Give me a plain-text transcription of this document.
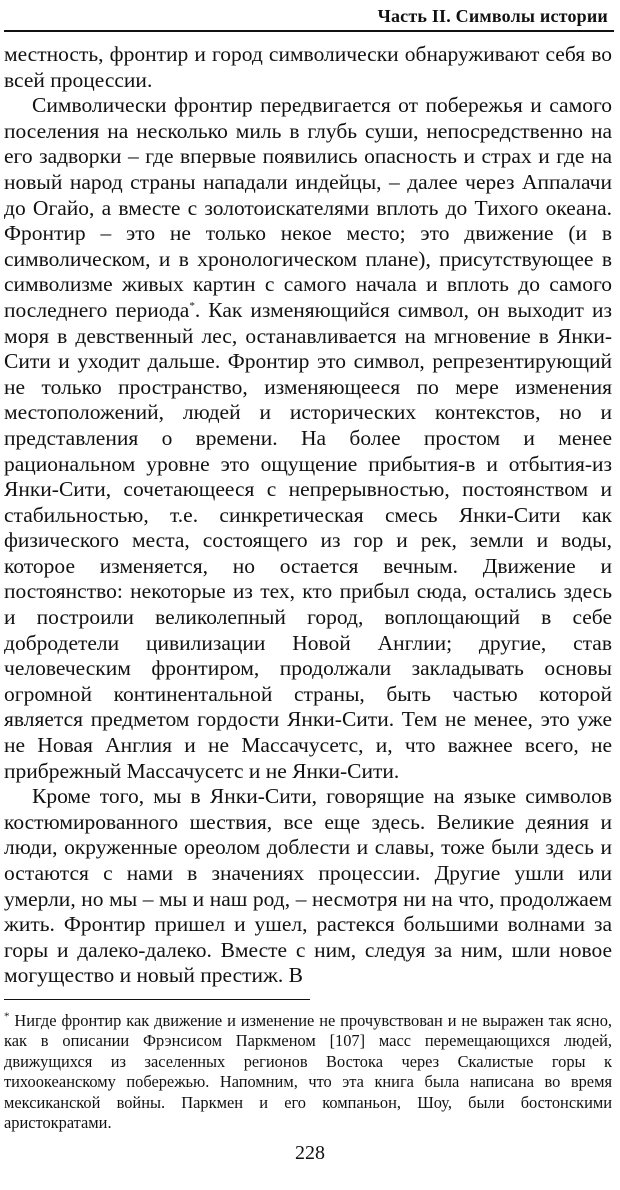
Часть II. Символы истории

местность, фронтир и город символически обнаруживают себя во всей процессии.

Символически фронтир передвигается от побережья и самого поселения на несколько миль в глубь суши, непосредственно на его задворки – где впервые появились опасность и страх и где на новый народ страны нападали индейцы, – далее через Аппалачи до Огайо, а вместе с золотоискателями вплоть до Тихого океана. Фронтир – это не только некое место; это движение (и в символическом, и в хронологическом плане), присутствующее в символизме живых картин с самого начала и вплоть до самого последнего периода*. Как изменяющийся символ, он выходит из моря в девственный лес, останавливается на мгновение в Янки-Сити и уходит дальше. Фронтир это символ, репрезентирующий не только пространство, изменяющееся по мере изменения местоположений, людей и исторических контекстов, но и представления о времени. На более простом и менее рациональном уровне это ощущение прибытия-в и отбытия-из Янки-Сити, сочетающееся с непрерывностью, постоянством и стабильностью, т.е. синкретическая смесь Янки-Сити как физического места, состоящего из гор и рек, земли и воды, которое изменяется, но остается вечным. Движение и постоянство: некоторые из тех, кто прибыл сюда, остались здесь и построили великолепный город, воплощающий в себе добродетели цивилизации Новой Англии; другие, став человеческим фронтиром, продолжали закладывать основы огромной континентальной страны, быть частью которой является предметом гордости Янки-Сити. Тем не менее, это уже не Новая Англия и не Массачусетс, и, что важнее всего, не прибрежный Массачусетс и не Янки-Сити.

Кроме того, мы в Янки-Сити, говорящие на языке символов костюмированного шествия, все еще здесь. Великие деяния и люди, окруженные ореолом доблести и славы, тоже были здесь и остаются с нами в значениях процессии. Другие ушли или умерли, но мы – мы и наш род, – несмотря ни на что, продолжаем жить. Фронтир пришел и ушел, растекся большими волнами за горы и далеко-далеко. Вместе с ним, следуя за ним, шли новое могущество и новый престиж. В

* Нигде фронтир как движение и изменение не прочувствован и не выражен так ясно, как в описании Фрэнсисом Паркменом [107] масс перемещающихся людей, движущихся из заселенных регионов Востока через Скалистые горы к тихоокеанскому побережью. Напомним, что эта книга была написана во время мексиканской войны. Паркмен и его компаньон, Шоу, были бостонскими аристократами.

228
